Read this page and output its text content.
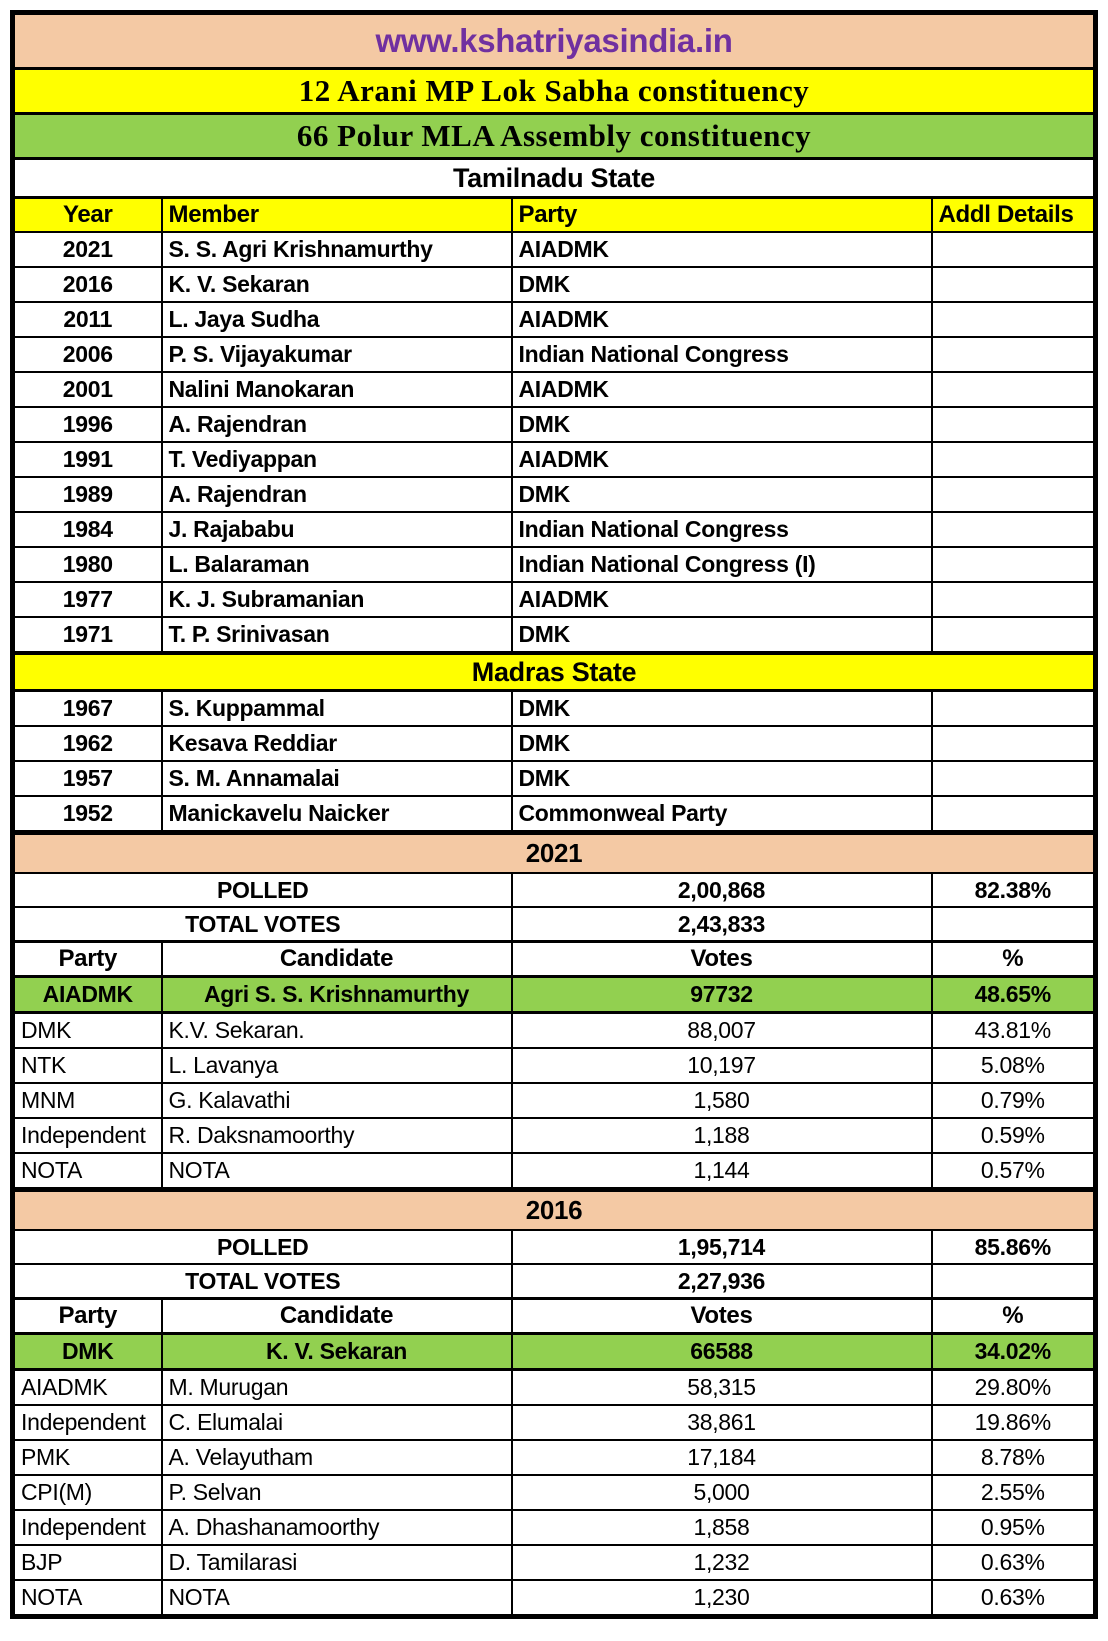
www.kshatriyasindia.in			
12 Arani MP Lok Sabha constituency			
66 Polur MLA Assembly constituency			
Tamilnadu State			
Year	Member	Party	Addl Details
2021	S. S. Agri Krishnamurthy	AIADMK	
2016	K. V. Sekaran	DMK	
2011	L. Jaya Sudha	AIADMK	
2006	P. S. Vijayakumar	Indian National Congress	
2001	Nalini Manokaran	AIADMK	
1996	A. Rajendran	DMK	
1991	T. Vediyappan	AIADMK	
1989	A. Rajendran	DMK	
1984	J. Rajababu	Indian National Congress	
1980	L. Balaraman	Indian National Congress (I)	
1977	K. J. Subramanian	AIADMK	
1971	T. P. Srinivasan	DMK	
Madras State			
1967	S. Kuppammal	DMK	
1962	Kesava Reddiar	DMK	
1957	S. M. Annamalai	DMK	
1952	Manickavelu Naicker	Commonweal Party	
2021			
POLLED		2,00,868	82.38%
TOTAL VOTES		2,43,833	
Party	Candidate	Votes	%
AIADMK	Agri S. S. Krishnamurthy	97732	48.65%
DMK	K.V. Sekaran.	88,007	43.81%
NTK	L. Lavanya	10,197	5.08%
MNM	G. Kalavathi	1,580	0.79%
Independent	R. Daksnamoorthy	1,188	0.59%
NOTA	NOTA	1,144	0.57%
2016			
POLLED		1,95,714	85.86%
TOTAL VOTES		2,27,936	
Party	Candidate	Votes	%
DMK	K. V. Sekaran	66588	34.02%
AIADMK	M. Murugan	58,315	29.80%
Independent	C. Elumalai	38,861	19.86%
PMK	A. Velayutham	17,184	8.78%
CPI(M)	P. Selvan	5,000	2.55%
Independent	A. Dhashanamoorthy	1,858	0.95%
BJP	D. Tamilarasi	1,232	0.63%
NOTA	NOTA	1,230	0.63%
